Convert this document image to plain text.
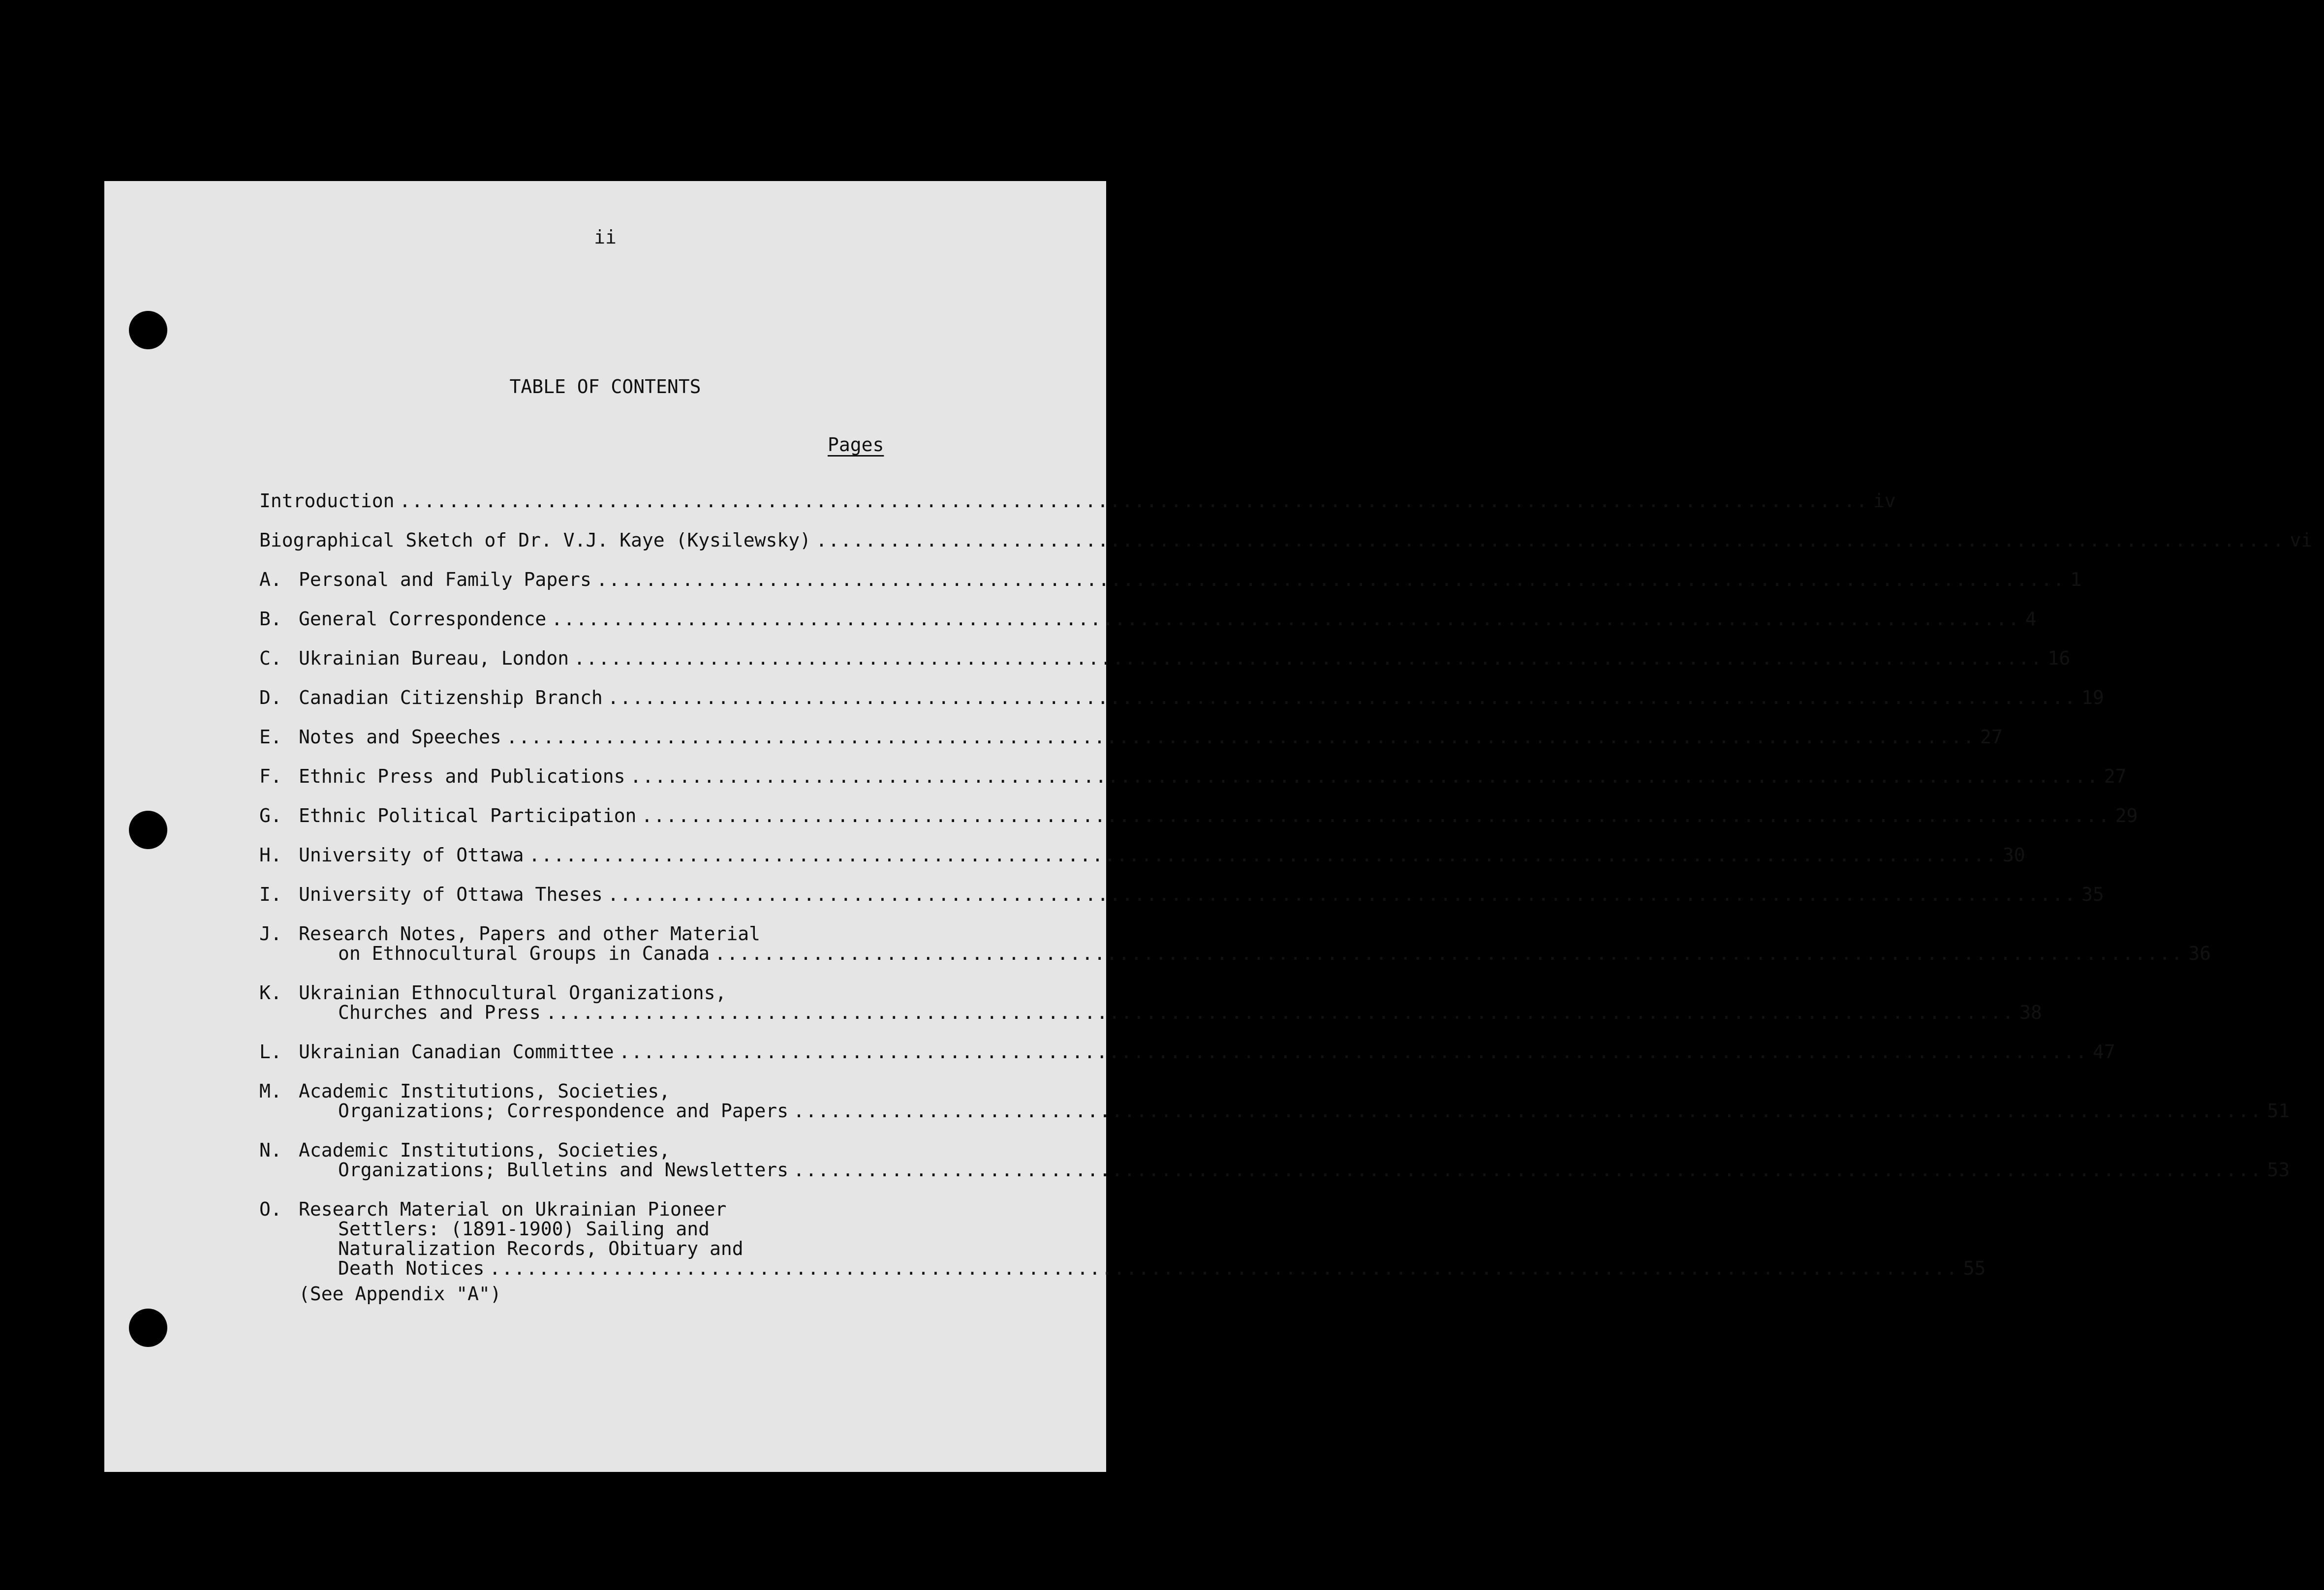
ii
TABLE OF CONTENTS
Pages
Introduction ........................................................................................................................ iv
Biographical Sketch of Dr. V.J. Kaye (Kysilewsky) ........................................................................................................................ vi
A. Personal and Family Papers ........................................................................................................................ 1
B. General Correspondence ........................................................................................................................ 4
C. Ukrainian Bureau, London ........................................................................................................................ 16
D. Canadian Citizenship Branch ........................................................................................................................ 19
E. Notes and Speeches ........................................................................................................................ 27
F. Ethnic Press and Publications ........................................................................................................................ 27
G. Ethnic Political Participation ........................................................................................................................ 29
H. University of Ottawa ........................................................................................................................ 30
I. University of Ottawa Theses ........................................................................................................................ 35
J. Research Notes, Papers and other Material
on Ethnocultural Groups in Canada ........................................................................................................................ 36
K. Ukrainian Ethnocultural Organizations,
Churches and Press ........................................................................................................................ 38
L. Ukrainian Canadian Committee ........................................................................................................................ 47
M. Academic Institutions, Societies,
Organizations; Correspondence and Papers ........................................................................................................................ 51
N. Academic Institutions, Societies,
Organizations; Bulletins and Newsletters ........................................................................................................................ 53
O. Research Material on Ukrainian Pioneer
Settlers: (1891-1900) Sailing and
Naturalization Records, Obituary and
Death Notices ........................................................................................................................ 55
(See Appendix "A")
